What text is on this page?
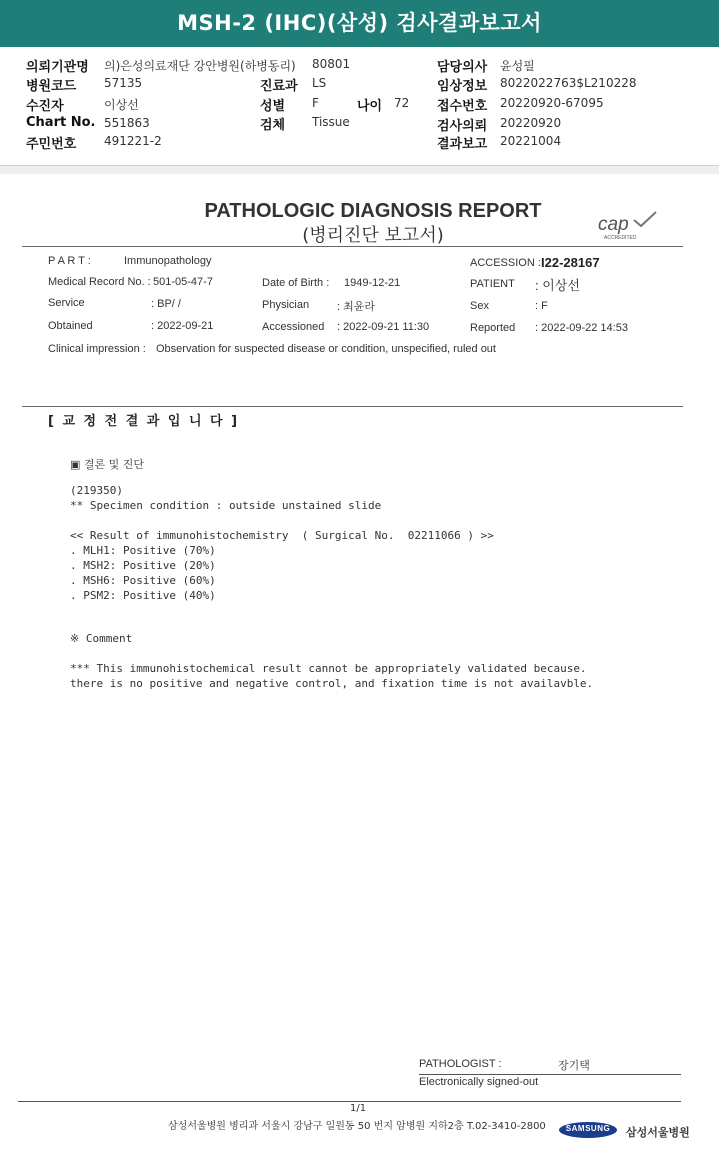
MSH-2 (IHC)(삼성) 검사결과보고서
의뢰기관명 의)은성의료재단 강안병원(하병동리) 80801	담당의사 윤성필
병원코드 57135	진료과 LS	임상정보 8022022763$L210228
수진자	이상선	성별 F	나이 72 접수번호 20220920-67095
Chart No. 551863	검체 Tissue	검사의뢰 20220920
주민번호 491221-2	결과보고 20221004
PATHOLOGIC DIAGNOSIS REPORT
(병리진단 보고서)
cap
ACCREDITED
P A R T :	Immunopathology	ACCESSION : I22-28167
Medical Record No. : 501-05-47-7	Date of Birth : 1949-12-21	PATIENT : 이상선
Service	: BP/ /	Physician	: 최윤라	Sex	: F
Obtained	: 2022-09-21	Accessioned : 2022-09-21 11:30	Reported : 2022-09-22 14:53
Clinical impression : Observation for suspected disease or condition, unspecified, ruled out
[ 교 정 전 결 과 입 니 다 ]
▣ 결론 및 진단
(219350)
** Specimen condition : outside unstained slide
<< Result of immunohistochemistry  ( Surgical No.  02211066 ) >>
. MLH1: Positive (70%)
. MSH2: Positive (20%)
. MSH6: Positive (60%)
. PSM2: Positive (40%)
※ Comment
*** This immunohistochemical result cannot be appropriately validated because.
there is no positive and negative control, and fixation time is not availavble.
PATHOLOGIST :	장기택
Electronically signed-out
1/1
삼성서울병원 병리과 서울시 강남구 일원동 50 번지 암병원 지하2층 T.02-3410-2800	SAMSUNG	삼성서울병원
